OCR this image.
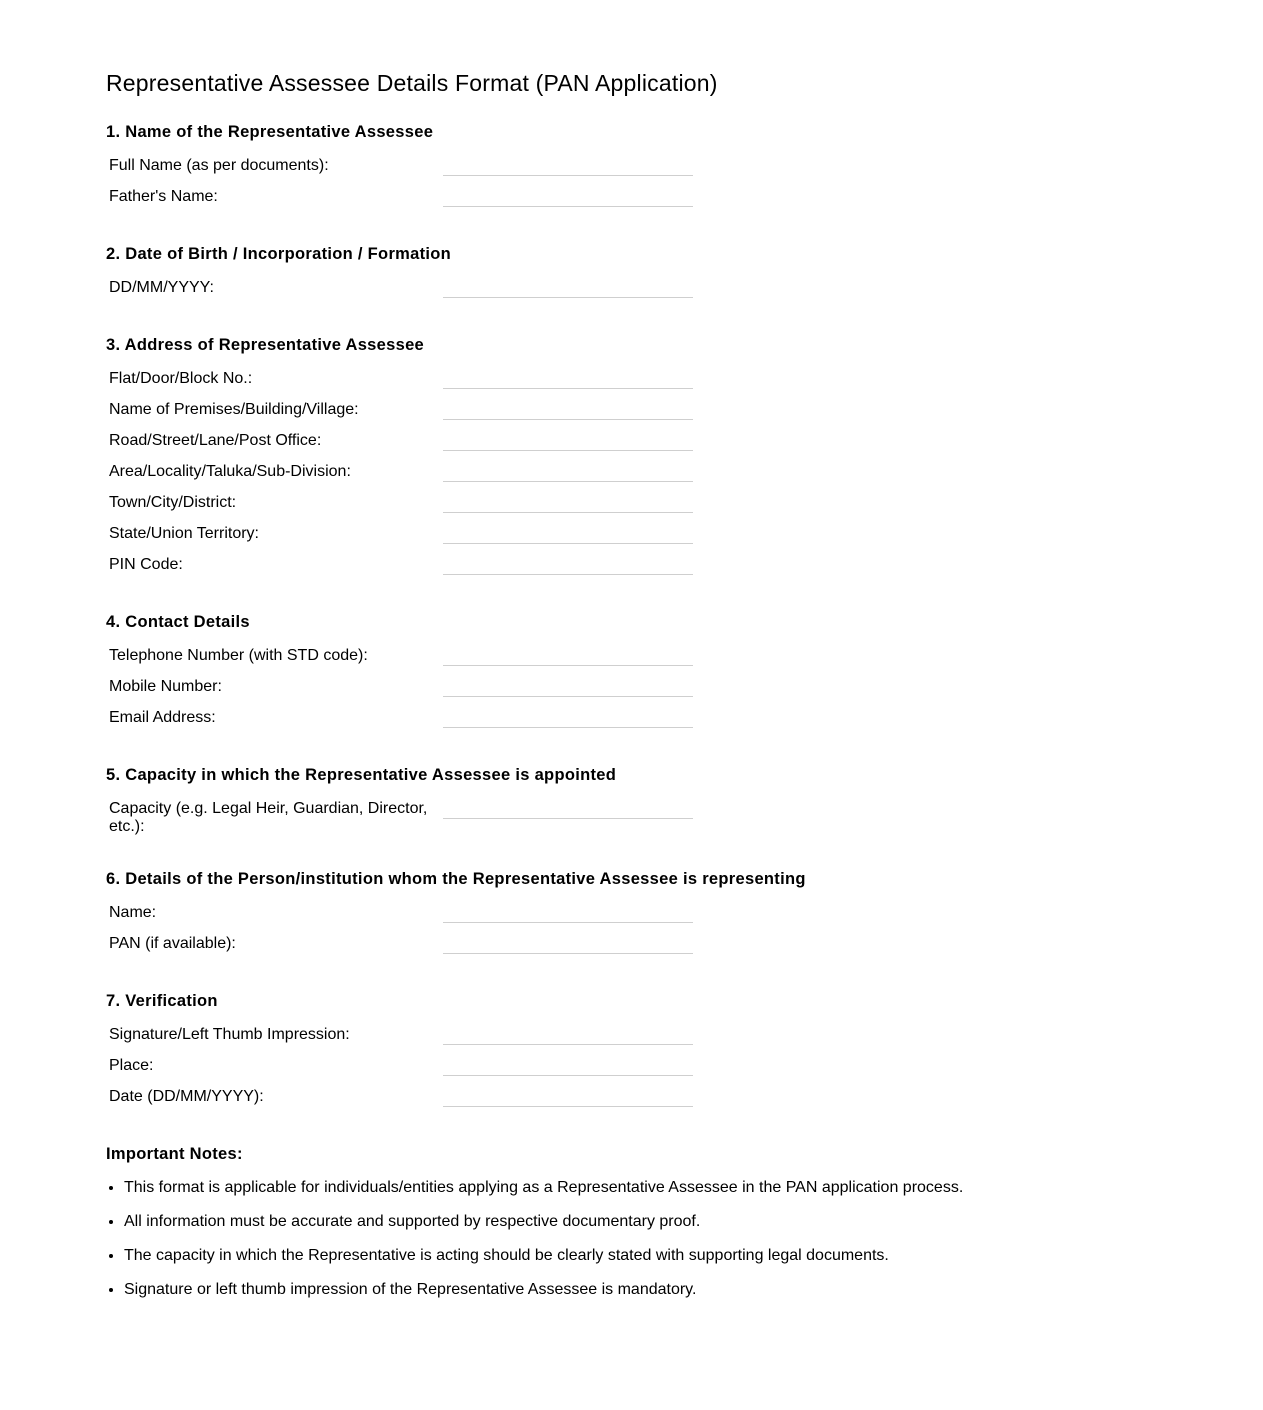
Representative Assessee Details Format (PAN Application)
1. Name of the Representative Assessee
Full Name (as per documents):
Father's Name:
2. Date of Birth / Incorporation / Formation
DD/MM/YYYY:
3. Address of Representative Assessee
Flat/Door/Block No.:
Name of Premises/Building/Village:
Road/Street/Lane/Post Office:
Area/Locality/Taluka/Sub-Division:
Town/City/District:
State/Union Territory:
PIN Code:
4. Contact Details
Telephone Number (with STD code):
Mobile Number:
Email Address:
5. Capacity in which the Representative Assessee is appointed
Capacity (e.g. Legal Heir, Guardian, Director, etc.):
6. Details of the Person/institution whom the Representative Assessee is representing
Name:
PAN (if available):
7. Verification
Signature/Left Thumb Impression:
Place:
Date (DD/MM/YYYY):
Important Notes:
• This format is applicable for individuals/entities applying as a Representative Assessee in the PAN application process.
• All information must be accurate and supported by respective documentary proof.
• The capacity in which the Representative is acting should be clearly stated with supporting legal documents.
• Signature or left thumb impression of the Representative Assessee is mandatory.
